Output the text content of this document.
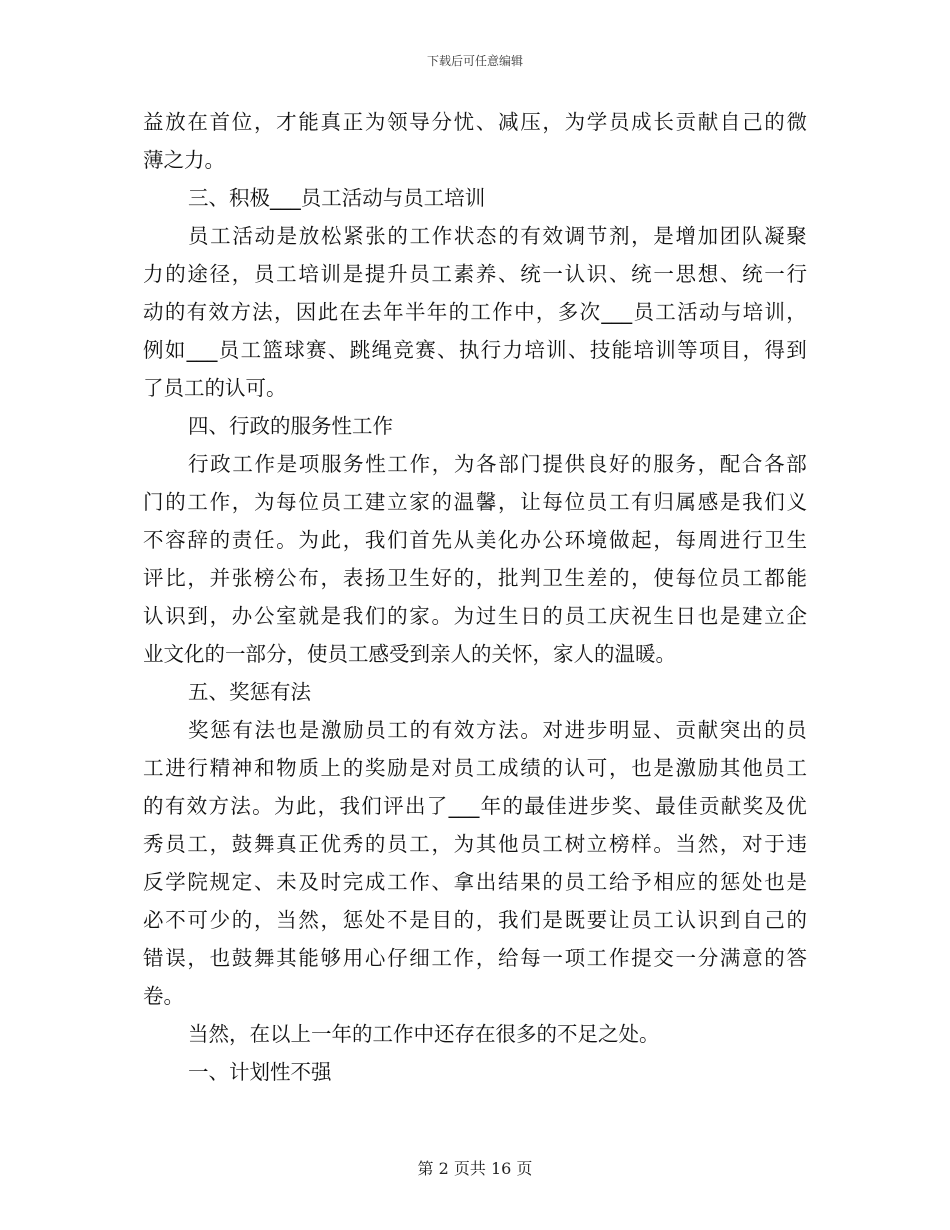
下载后可任意编辑
益 放 在 首 位 ， 才 能 真 正 为 领 导 分 忧 、 减 压 ， 为 学 员 成 长 贡 献 自 己 的 微
薄之力。
三、积极___员工活动与员工培训
员 工 活 动 是 放 松 紧 张 的 工 作 状 态 的 有 效 调 节 剂 ， 是 增 加 团 队 凝 聚
力 的 途 径 ， 员 工 培 训 是 提 升 员 工 素 养 、 统 一 认 识 、 统 一 思 想 、 统 一 行
动 的 有 效 方 法 ， 因 此 在 去 年 半 年 的 工 作 中 ， 多 次 ___ 员 工 活 动 与 培 训 ，
例 如 ___ 员 工 篮 球 赛 、 跳 绳 竞 赛 、 执 行 力 培 训 、 技 能 培 训 等 项 目 ， 得 到
了员工的认可。
四、行政的服务性工作
行 政 工 作 是 项 服 务 性 工 作 ， 为 各 部 门 提 供 良 好 的 服 务 ， 配 合 各 部
门 的 工 作 ， 为 每 位 员 工 建 立 家 的 温 馨 ， 让 每 位 员 工 有 归 属 感 是 我 们 义
不 容 辞 的 责 任 。 为 此 ， 我 们 首 先 从 美 化 办 公 环 境 做 起 ， 每 周 进 行 卫 生
评 比 ， 并 张 榜 公 布 ， 表 扬 卫 生 好 的 ， 批 判 卫 生 差 的 ， 使 每 位 员 工 都 能
认 识 到 ， 办 公 室 就 是 我 们 的 家 。 为 过 生 日 的 员 工 庆 祝 生 日 也 是 建 立 企
业文化的一部分，使员工感受到亲人的关怀，家人的温暖。
五、奖惩有法
奖 惩 有 法 也 是 激 励 员 工 的 有 效 方 法 。 对 进 步 明 显 、 贡 献 突 出 的 员
工 进 行 精 神 和 物 质 上 的 奖 励 是 对 员 工 成 绩 的 认 可 ， 也 是 激 励 其 他 员 工
的 有 效 方 法 。 为 此 ， 我 们 评 出 了 ___ 年 的 最 佳 进 步 奖 、 最 佳 贡 献 奖 及 优
秀 员 工 ， 鼓 舞 真 正 优 秀 的 员 工 ， 为 其 他 员 工 树 立 榜 样 。 当 然 ， 对 于 违
反 学 院 规 定 、 未 及 时 完 成 工 作 、 拿 出 结 果 的 员 工 给 予 相 应 的 惩 处 也 是
必 不 可 少 的 ， 当 然 ， 惩 处 不 是 目 的 ， 我 们 是 既 要 让 员 工 认 识 到 自 己 的
错 误 ， 也 鼓 舞 其 能 够 用 心 仔 细 工 作 ， 给 每 一 项 工 作 提 交 一 分 满 意 的 答
卷。
当然，在以上一年的工作中还存在很多的不足之处。
一、计划性不强
第 2 页共 16 页
